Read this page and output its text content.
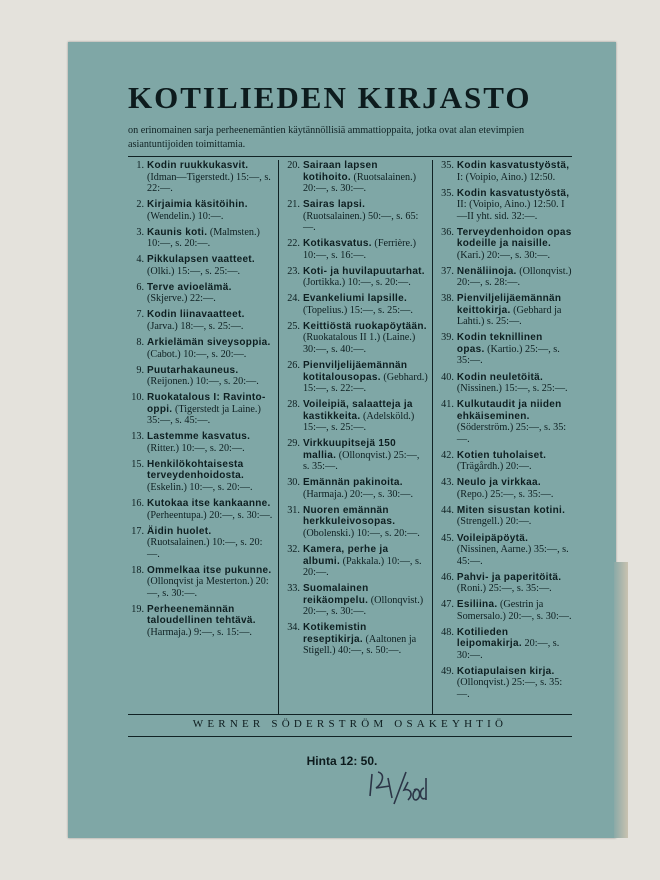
KOTILIEDEN KIRJASTO
on erinomainen sarja perheenemäntien käytännöllisiä ammattioppaita, jotka ovat alan etevimpien asiantuntijoiden toimittamia.
1. Kodin ruukkukasvit. (Idman—Tigerstedt.) 15:—, s. 22:—.
2. Kirjaimia käsitöihin. (Wendelin.) 10:—.
3. Kaunis koti. (Malmsten.) 10:—, s. 20:—.
4. Pikkulapsen vaatteet. (Olki.) 15:—, s. 25:—.
6. Terve avioelämä. (Skjerve.) 22:—.
7. Kodin liinavaatteet. (Jarva.) 18:—, s. 25:—.
8. Arkielämän siveysoppia. (Cabot.) 10:—, s. 20:—.
9. Puutarhakauneus. (Reijonen.) 10:—, s. 20:—.
10. Ruokatalous I: Ravinto-oppi. (Tigerstedt ja Laine.) 35:—, s. 45:—.
13. Lastemme kasvatus. (Ritter.) 10:—, s. 20:—.
15. Henkilökohtaisesta terveydenhoidosta. (Eskelin.) 10:—, s. 20:—.
16. Kutokaa itse kankaanne. (Perheentupa.) 20:—, s. 30:—.
17. Äidin huolet. (Ruotsalainen.) 10:—, s. 20:—.
18. Ommelkaa itse pukunne. (Ollonqvist ja Mesterton.) 20:—, s. 30:—.
19. Perheenemännän taloudellinen tehtävä. (Harmaja.) 9:—, s. 15:—.
20. Sairaan lapsen kotihoito. (Ruotsalainen.) 20:—, s. 30:—.
21. Sairas lapsi. (Ruotsalainen.) 50:—, s. 65:—.
22. Kotikasvatus. (Ferrière.) 10:—, s. 16:—.
23. Koti- ja huvilapuutarhat. (Jortikka.) 10:—, s. 20:—.
24. Evankeliumi lapsille. (Topelius.) 15:—, s. 25:—.
25. Keittiöstä ruokapöytään. (Ruokatalous II 1.) (Laine.) 30:—, s. 40:—.
26. Pienviljelijäemännän kotitalousopas. (Gebhard.) 15:—, s. 22:—.
28. Voileipiä, salaatteja ja kastikkeita. (Adelsköld.) 15:—, s. 25:—.
29. Virkkuupitsejä 150 mallia. (Ollonqvist.) 25:—, s. 35:—.
30. Emännän pakinoita. (Harmaja.) 20:—, s. 30:—.
31. Nuoren emännän herkkuleivosopas. (Obolenski.) 10:—, s. 20:—.
32. Kamera, perhe ja albumi. (Pakkala.) 10:—, s. 20:—.
33. Suomalainen reikäompelu. (Ollonqvist.) 20:—, s. 30:—.
34. Kotikemistin reseptikirja. (Aaltonen ja Stigell.) 40:—, s. 50:—.
35. Kodin kasvatustyöstä, I: (Voipio, Aino.) 12:50.
35. Kodin kasvatustyöstä, II: (Voipio, Aino.) 12:50. I—II yht. sid. 32:—.
36. Terveydenhoidon opas kodeille ja naisille. (Kari.) 20:—, s. 30:—.
37. Nenäliinoja. (Ollonqvist.) 20:—, s. 28:—.
38. Pienviljelijäemännän keittokirja. (Gebhard ja Lahti.) s. 25:—.
39. Kodin teknillinen opas. (Kartio.) 25:—, s. 35:—.
40. Kodin neuletöitä. (Nissinen.) 15:—, s. 25:—.
41. Kulkutaudit ja niiden ehkäiseminen. (Söderström.) 25:—, s. 35:—.
42. Kotien tuholaiset. (Trägårdh.) 20:—.
43. Neulo ja virkkaa. (Repo.) 25:—, s. 35:—.
44. Miten sisustan kotini. (Strengell.) 20:—.
45. Voileipäpöytä. (Nissinen, Aarne.) 35:—, s. 45:—.
46. Pahvi- ja paperitöitä. (Roni.) 25:—, s. 35:—.
47. Esiliina. (Gestrin ja Somersalo.) 20:—, s. 30:—.
48. Kotilieden leipomakirja. 20:—, s. 30:—.
49. Kotiapulaisen kirja. (Ollonqvist.) 25:—, s. 35:—.
WERNER SÖDERSTRÖM OSAKEYHTIÖ
Hinta 12: 50.
